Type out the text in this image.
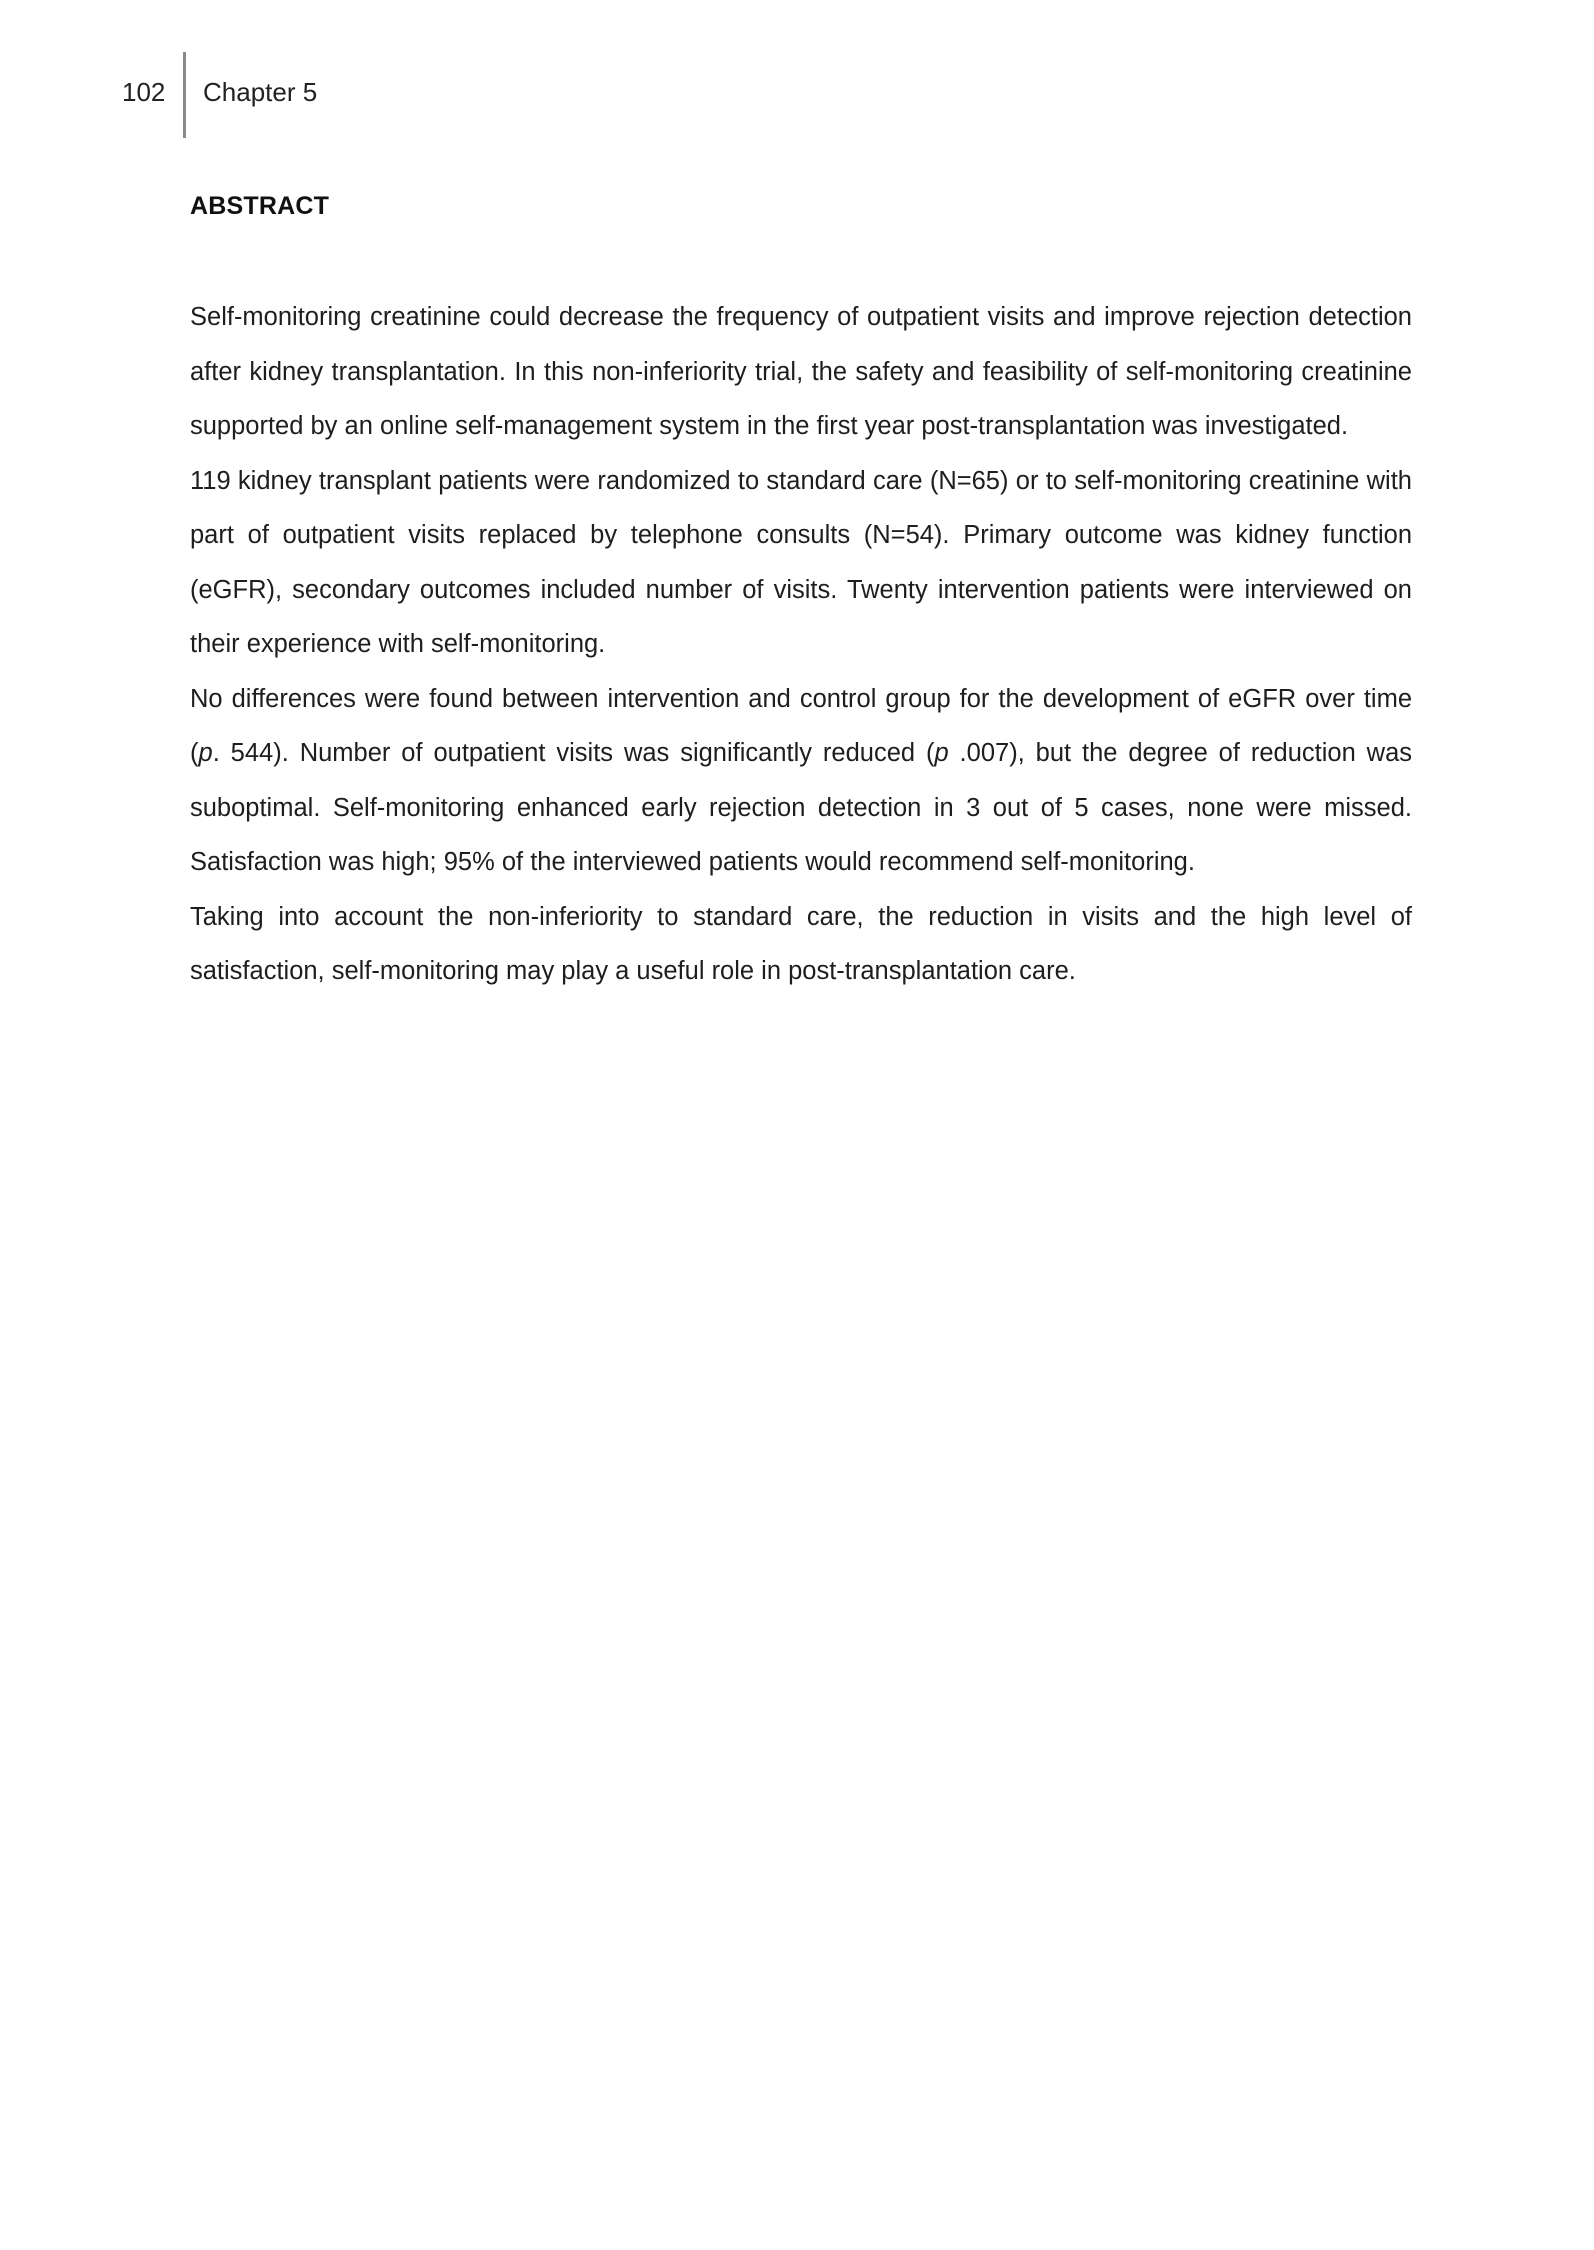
102 Chapter 5
ABSTRACT

Self-monitoring creatinine could decrease the frequency of outpatient visits and improve rejection detection after kidney transplantation. In this non-inferiority trial, the safety and feasibility of self-monitoring creatinine supported by an online self-management system in the first year post-transplantation was investigated.

119 kidney transplant patients were randomized to standard care (N=65) or to self-monitoring creatinine with part of outpatient visits replaced by telephone consults (N=54). Primary outcome was kidney function (eGFR), secondary outcomes included number of visits. Twenty intervention patients were interviewed on their experience with self-monitoring.

No differences were found between intervention and control group for the development of eGFR over time (p. 544). Number of outpatient visits was significantly reduced (p .007), but the degree of reduction was suboptimal. Self-monitoring enhanced early rejection detection in 3 out of 5 cases, none were missed. Satisfaction was high; 95% of the interviewed patients would recommend self-monitoring.

Taking into account the non-inferiority to standard care, the reduction in visits and the high level of satisfaction, self-monitoring may play a useful role in post-transplantation care.
